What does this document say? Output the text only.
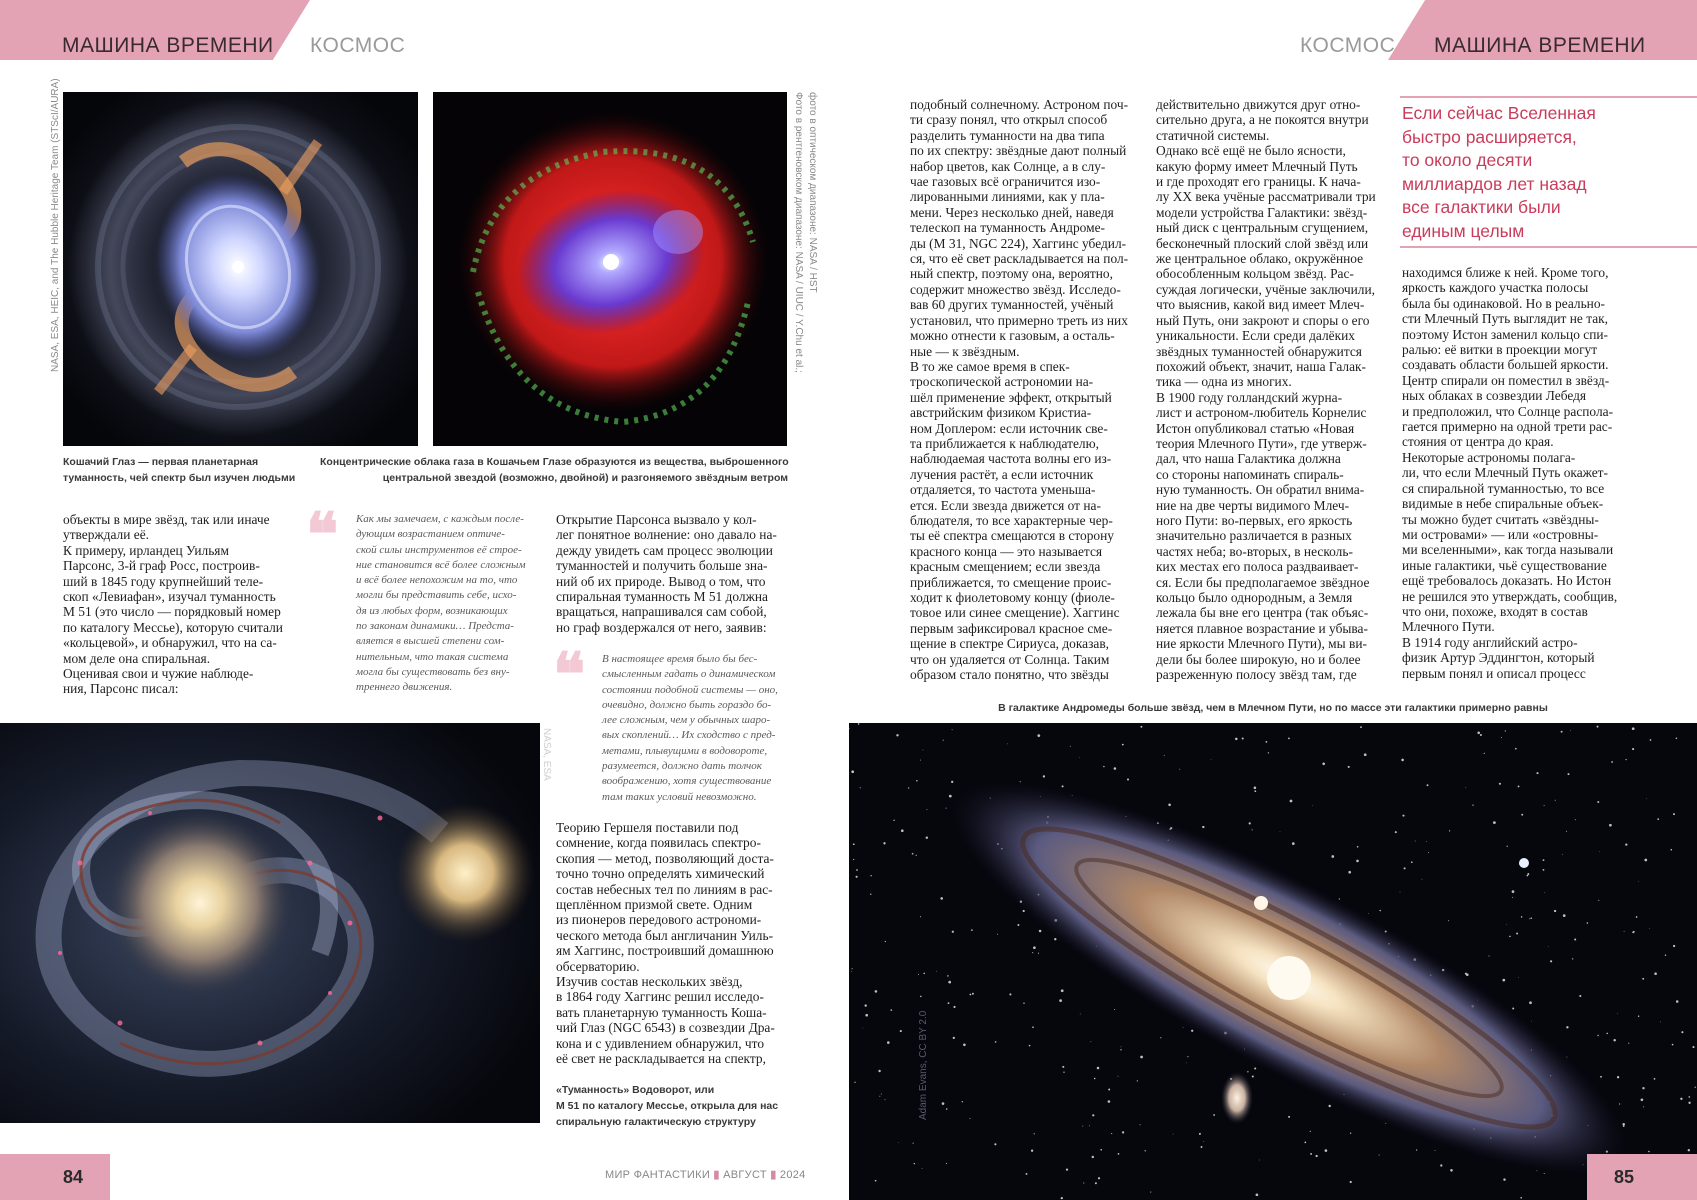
МАШИНА ВРЕМЕНИ КОСМОС	КОСМОС МАШИНА ВРЕМЕНИ
NASA, ESA, HEIC, and The Hubble Heritage Team (STScI/AURA)	Фото в рентгеновском диапазоне: NASA / UIUC / Y.Chu et al.; фото в оптическом диапазоне: NASA / HST
Кошачий Глаз — первая планетарная
туманность, чей спектр был изучен людьми
Концентрические облака газа в Кошачьем Глазе образуются из вещества, выброшенного
центральной звездой (возможно, двойной) и разгоняемого звёздным ветром
объекты в мире звёзд, так или иначе
утверждали её.
К примеру, ирландец Уильям
Парсонс, 3-й граф Росс, построив-
ший в 1845 году крупнейший теле-
скоп «Левиафан», изучал туманность
M 51 (это число — порядковый номер
по каталогу Мессье), которую считали
«кольцевой», и обнаружил, что на са-
мом деле она спиральная.
Оценивая свои и чужие наблюде-
ния, Парсонс писал:
❝ Как мы замечаем, с каждым после-
дующим возрастанием оптиче-
ской силы инструментов её строе-
ние становится всё более сложным
и всё более непохожим на то, что
могли бы представить себе, исхо-
дя из любых форм, возникающих
по законам динамики… Предста-
вляется в высшей степени сом-
нительным, что такая система
могла бы существовать без вну-
треннего движения.
Открытие Парсонса вызвало у кол-
лег понятное волнение: оно давало на-
дежду увидеть сам процесс эволюции
туманностей и получить больше зна-
ний об их природе. Вывод о том, что
спиральная туманность M 51 должна
вращаться, напрашивался сам собой,
но граф воздержался от него, заявив:
❝ В настоящее время было бы бес-
смысленным гадать о динамическом
состоянии подобной системы — оно,
очевидно, должно быть гораздо бо-
лее сложным, чем у обычных шаро-
вых скоплений… Их сходство с пред-
метами, плывущими в водовороте,
разумеется, должно дать толчок
воображению, хотя существование
там таких условий невозможно.
Теорию Гершеля поставили под
сомнение, когда появилась спектро-
скопия — метод, позволяющий доста-
точно точно определять химический
состав небесных тел по линиям в рас-
щеплённом призмой свете. Одним
из пионеров передового астрономи-
ческого метода был англичанин Уиль-
ям Хаггинс, построивший домашнюю
обсерваторию.
Изучив состав нескольких звёзд,
в 1864 году Хаггинс решил исследо-
вать планетарную туманность Коша-
чий Глаз (NGC 6543) в созвездии Дра-
кона и с удивлением обнаружил, что
её свет не раскладывается на спектр,
NASA, ESA
«Туманность» Водоворот, или
M 51 по каталогу Мессье, открыла для нас
спиральную галактическую структуру
подобный солнечному. Астроном поч-
ти сразу понял, что открыл способ
разделить туманности на два типа
по их спектру: звёздные дают полный
набор цветов, как Солнце, а в слу-
чае газовых всё ограничится изо-
лированными линиями, как у пла-
мени. Через несколько дней, наведя
телескоп на туманность Андроме-
ды (M 31, NGC 224), Хаггинс убедил-
ся, что её свет раскладывается на пол-
ный спектр, поэтому она, вероятно,
содержит множество звёзд. Исследо-
вав 60 других туманностей, учёный
установил, что примерно треть из них
можно отнести к газовым, а осталь-
ные — к звёздным.
В то же самое время в спек-
троскопической астрономии на-
шёл применение эффект, открытый
австрийским физиком Кристиа-
ном Доплером: если источник све-
та приближается к наблюдателю,
наблюдаемая частота волны его из-
лучения растёт, а если источник
отдаляется, то частота уменьша-
ется. Если звезда движется от на-
блюдателя, то все характерные чер-
ты её спектра смещаются в сторону
красного конца — это называется
красным смещением; если звезда
приближается, то смещение проис-
ходит к фиолетовому концу (фиоле-
товое или синее смещение). Хаггинс
первым зафиксировал красное сме-
щение в спектре Сириуса, доказав,
что он удаляется от Солнца. Таким
образом стало понятно, что звёзды
действительно движутся друг отно-
сительно друга, а не покоятся внутри
статичной системы.
Однако всё ещё не было ясности,
какую форму имеет Млечный Путь
и где проходят его границы. К нача-
лу XX века учёные рассматривали три
модели устройства Галактики: звёзд-
ный диск с центральным сгущением,
бесконечный плоский слой звёзд или
же центральное облако, окружённое
обособленным кольцом звёзд. Рас-
суждая логически, учёные заключили,
что выяснив, какой вид имеет Млеч-
ный Путь, они закроют и споры о его
уникальности. Если среди далёких
звёздных туманностей обнаружится
похожий объект, значит, наша Галак-
тика — одна из многих.
В 1900 году голландский журна-
лист и астроном-любитель Корнелис
Истон опубликовал статью «Новая
теория Млечного Пути», где утверж-
дал, что наша Галактика должна
со стороны напоминать спираль-
ную туманность. Он обратил внима-
ние на две черты видимого Млеч-
ного Пути: во-первых, его яркость
значительно различается в разных
частях неба; во-вторых, в несколь-
ких местах его полоса раздваивает-
ся. Если бы предполагаемое звёздное
кольцо было однородным, а Земля
лежала бы вне его центра (так объяс-
няется плавное возрастание и убыва-
ние яркости Млечного Пути), мы ви-
дели бы более широкую, но и более
разреженную полосу звёзд там, где
Если сейчас Вселенная
быстро расширяется,
то около десяти
миллиардов лет назад
все галактики были
единым целым
находимся ближе к ней. Кроме того,
яркость каждого участка полосы
была бы одинаковой. Но в реально-
сти Млечный Путь выглядит не так,
поэтому Истон заменил кольцо спи-
ралью: её витки в проекции могут
создавать области большей яркости.
Центр спирали он поместил в звёзд-
ных облаках в созвездии Лебедя
и предположил, что Солнце распола-
гается примерно на одной трети рас-
стояния от центра до края.
Некоторые астрономы полага-
ли, что если Млечный Путь окажет-
ся спиральной туманностью, то все
видимые в небе спиральные объек-
ты можно будет считать «звёздны-
ми островами» — или «островны-
ми вселенными», как тогда называли
иные галактики, чьё существование
ещё требовалось доказать. Но Истон
не решился это утверждать, сообщив,
что они, похоже, входят в состав
Млечного Пути.
В 1914 году английский астро-
физик Артур Эддингтон, который
первым понял и описал процесс
В галактике Андромеды больше звёзд, чем в Млечном Пути, но по массе эти галактики примерно равны
Adam Evans, CC BY 2.0
84	МИР ФАНТАСТИКИ ▮ АВГУСТ ▮ 2024	85
